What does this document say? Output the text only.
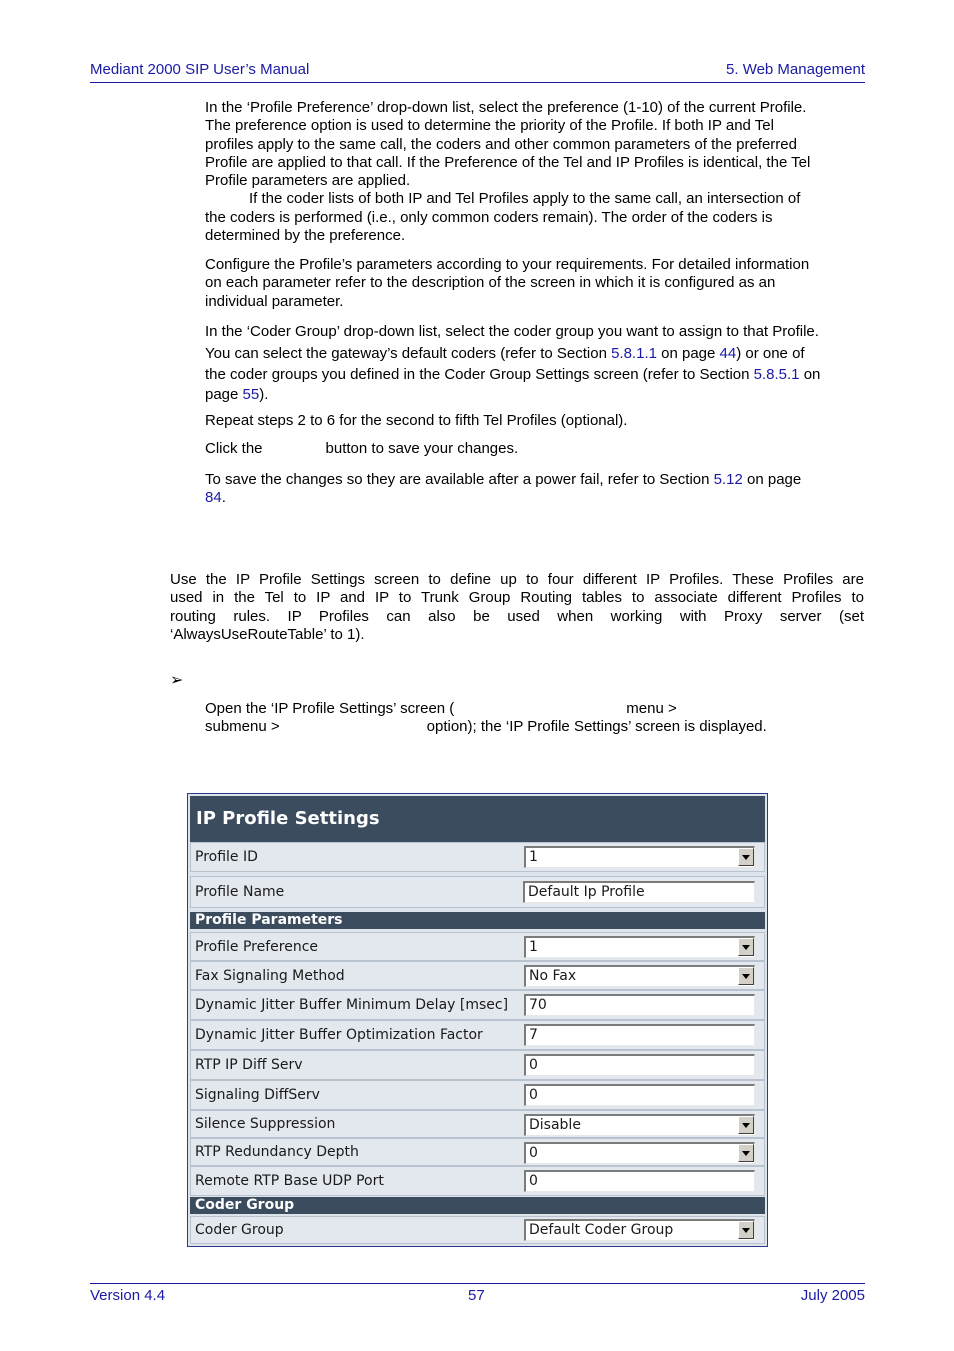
Mediant 2000 SIP User’s Manual	5. Web Management
In the ‘Profile Preference’ drop-down list, select the preference (1-10) of the current Profile.
The preference option is used to determine the priority of the Profile. If both IP and Tel
profiles apply to the same call, the coders and other common parameters of the preferred
Profile are applied to that call. If the Preference of the Tel and IP Profiles is identical, the Tel
Profile parameters are applied.
If the coder lists of both IP and Tel Profiles apply to the same call, an intersection of
the coders is performed (i.e., only common coders remain). The order of the coders is
determined by the preference.
Configure the Profile’s parameters according to your requirements. For detailed information
on each parameter refer to the description of the screen in which it is configured as an
individual parameter.
In the ‘Coder Group’ drop-down list, select the coder group you want to assign to that Profile.
You can select the gateway’s default coders (refer to Section 5.8.1.1 on page 44) or one of
the coder groups you defined in the Coder Group Settings screen (refer to Section 5.8.5.1 on
page 55).
Repeat steps 2 to 6 for the second to fifth Tel Profiles (optional).
Click the	button to save your changes.
To save the changes so they are available after a power fail, refer to Section 5.12 on page
84.
Use the IP Profile Settings screen to define up to four different IP Profiles. These Profiles are
used in the Tel to IP and IP to Trunk Group Routing tables to associate different Profiles to
routing rules. IP Profiles can also be used when working with Proxy server (set
‘AlwaysUseRouteTable’ to 1).
➢
Open the ‘IP Profile Settings’ screen (	menu >
submenu >	option); the ‘IP Profile Settings’ screen is displayed.
IP Profile Settings
Profile ID	1
Profile Name	Default Ip Profile
Profile Parameters
Profile Preference	1
Fax Signaling Method	No Fax
Dynamic Jitter Buffer Minimum Delay [msec]	70
Dynamic Jitter Buffer Optimization Factor	7
RTP IP Diff Serv	0
Signaling DiffServ	0
Silence Suppression	Disable
RTP Redundancy Depth	0
Remote RTP Base UDP Port	0
Coder Group
Coder Group	Default Coder Group
Version 4.4	57	July 2005
